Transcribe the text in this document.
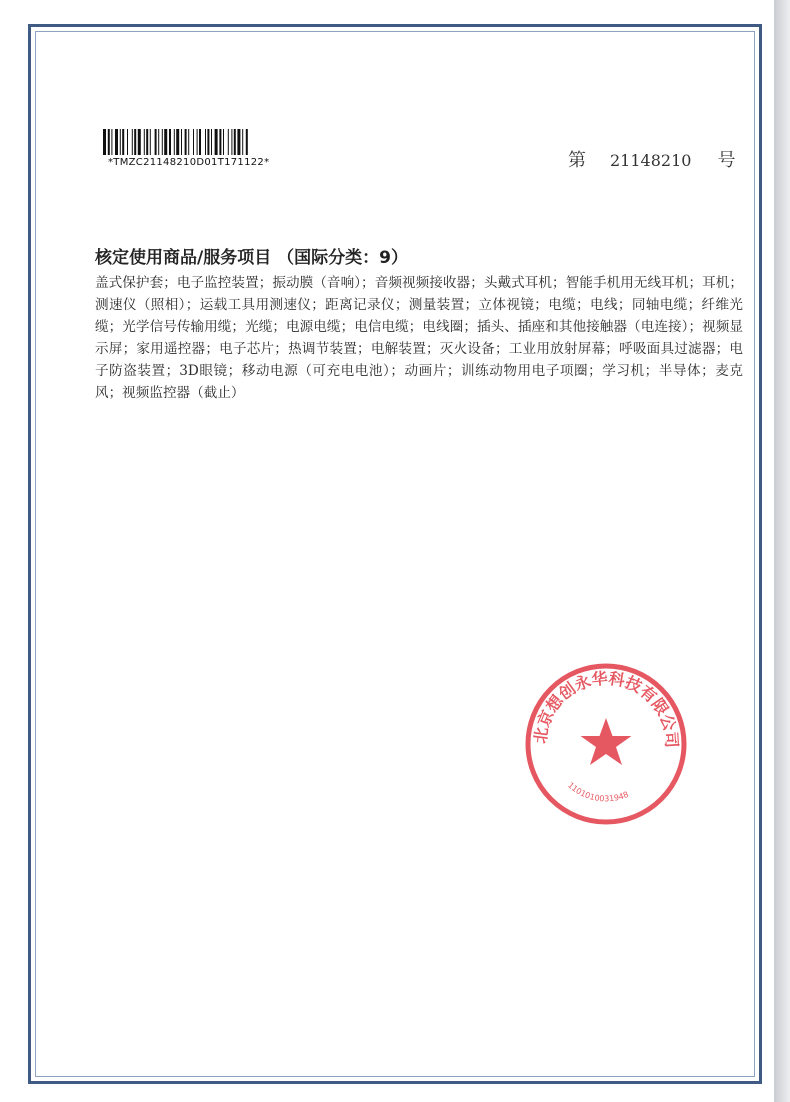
*TMZC21148210D01T171122*	第 21148210 号
核定使用商品/服务项目 （国际分类：9）
盖式保护套；电子监控装置；振动膜（音响）；音频视频接收器；头戴式耳机；智能手机用无线耳机；耳机；测速仪（照相）；运载工具用测速仪；距离记录仪；测量装置；立体视镜；电缆；电线；同轴电缆；纤维光缆；光学信号传输用缆；光缆；电源电缆；电信电缆；电线圈；插头、插座和其他接触器（电连接）；视频显示屏；家用遥控器；电子芯片；热调节装置；电解装置；灭火设备；工业用放射屏幕；呼吸面具过滤器；电子防盗装置；3D眼镜；移动电源（可充电电池）；动画片；训练动物用电子项圈；学习机；半导体；麦克风；视频监控器（截止）
北京想创永华科技有限公司
1101010031948
